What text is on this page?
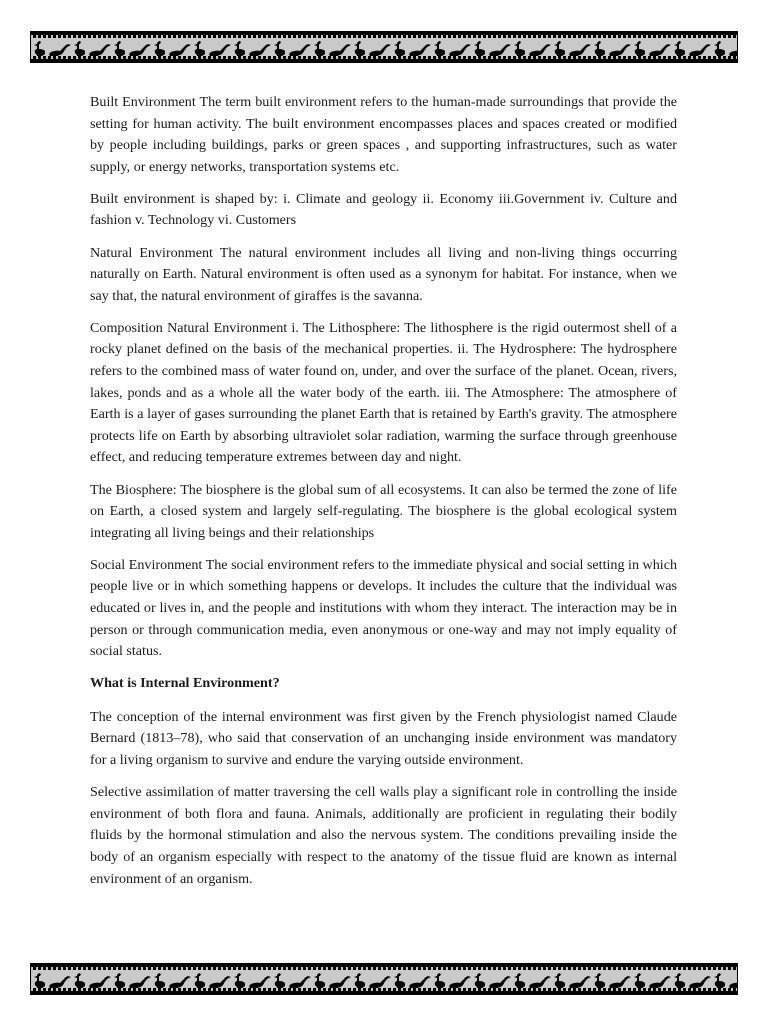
Built Environment The term built environment refers to the human-made surroundings that provide the setting for human activity. The built environment encompasses places and spaces created or modified by people including buildings, parks or green spaces , and supporting infrastructures, such as water supply, or energy networks, transportation systems etc.

Built environment is shaped by: i. Climate and geology ii. Economy iii.Government iv. Culture and fashion v. Technology vi. Customers

Natural Environment The natural environment includes all living and non-living things occurring naturally on Earth. Natural environment is often used as a synonym for habitat. For instance, when we say that, the natural environment of giraffes is the savanna.

Composition Natural Environment i. The Lithosphere: The lithosphere is the rigid outermost shell of a rocky planet defined on the basis of the mechanical properties. ii. The Hydrosphere: The hydrosphere refers to the combined mass of water found on, under, and over the surface of the planet. Ocean, rivers, lakes, ponds and as a whole all the water body of the earth. iii. The Atmosphere: The atmosphere of Earth is a layer of gases surrounding the planet Earth that is retained by Earth's gravity. The atmosphere protects life on Earth by absorbing ultraviolet solar radiation, warming the surface through greenhouse effect, and reducing temperature extremes between day and night.

The Biosphere: The biosphere is the global sum of all ecosystems. It can also be termed the zone of life on Earth, a closed system and largely self-regulating. The biosphere is the global ecological system integrating all living beings and their relationships

Social Environment The social environment refers to the immediate physical and social setting in which people live or in which something happens or develops. It includes the culture that the individual was educated or lives in, and the people and institutions with whom they interact. The interaction may be in person or through communication media, even anonymous or one-way and may not imply equality of social status.

What is Internal Environment?

The conception of the internal environment was first given by the French physiologist named Claude Bernard (1813–78), who said that conservation of an unchanging inside environment was mandatory for a living organism to survive and endure the varying outside environment.

Selective assimilation of matter traversing the cell walls play a significant role in controlling the inside environment of both flora and fauna. Animals, additionally are proficient in regulating their bodily fluids by the hormonal stimulation and also the nervous system. The conditions prevailing inside the body of an organism especially with respect to the anatomy of the tissue fluid are known as internal environment of an organism.
